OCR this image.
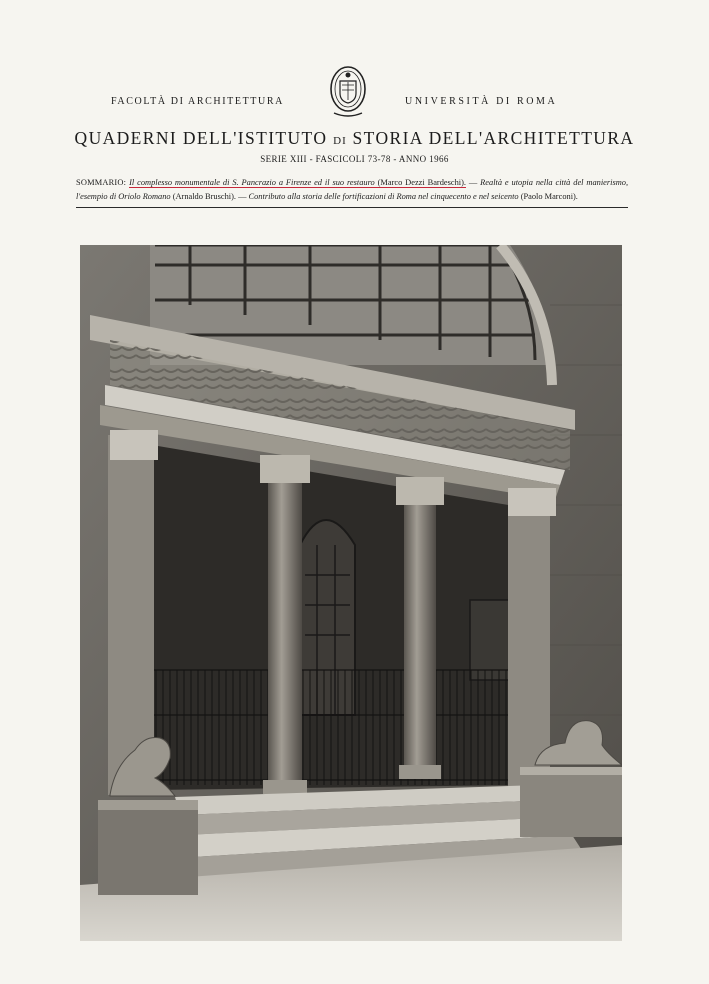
FACOLTÀ DI ARCHITETTURA	UNIVERSITÀ DI ROMA
QUADERNI DELL'ISTITUTO DI STORIA DELL'ARCHITETTURA
SERIE XIII - FASCICOLI 73-78 - ANNO 1966
SOMMARIO: Il complesso monumentale di S. Pancrazio a Firenze ed il suo restauro (Marco Dezzi Bardeschi). — Realtà e utopia nella città del manierismo, l'esempio di Oriolo Romano (Arnaldo Bruschi). — Contributo alla storia delle fortificazioni di Roma nel cinquecento e nel seicento (Paolo Marconi).
